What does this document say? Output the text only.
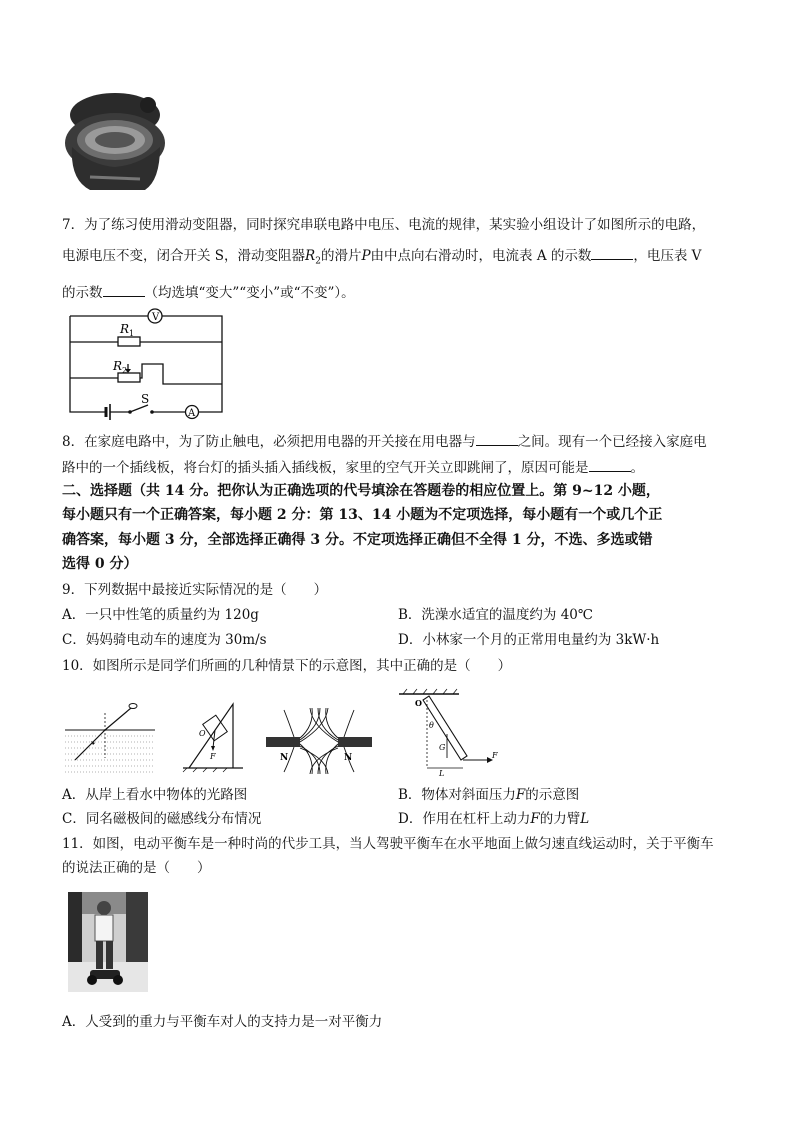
7．为了练习使用滑动变阻器，同时探究串联电路中电压、电流的规律，某实验小组设计了如图所示的电路，
电源电压不变，闭合开关 S，滑动变阻器$R_2$的滑片P由中点向右滑动时，电流表 A 的示数	，电压表 V
的示数	（均选填“变大”“变小”或“不变”）。
V
A
R 1
R 2
S
8．在家庭电路中，为了防止触电，必须把用电器的开关接在用电器与	之间。现有一个已经接入家庭电
路中的一个插线板，将台灯的插头插入插线板，家里的空气开关立即跳闸了，原因可能是	。
二、选择题（共 14 分。把你认为正确选项的代号填涂在答题卷的相应位置上。第 9~12 小题，
每小题只有一个正确答案，每小题 2 分：第 13、14 小题为不定项选择，每小题有一个或几个正
确答案，每小题 3 分，全部选择正确得 3 分。不定项选择正确但不全得 1 分，不选、多选或错
选得 0 分）
9．下列数据中最接近实际情况的是（　　）
A．一只中性笔的质量约为 120g	B．洗澡水适宜的温度约为 40℃
C．妈妈骑电动车的速度为 30m/s	D．小林家一个月的正常用电量约为 3kW·h
10．如图所示是同学们所画的几种情景下的示意图，其中正确的是（　　）
O
F	N	N
O
θ
G
F
L
A．从岸上看水中物体的光路图	B．物体对斜面压力F的示意图
C．同名磁极间的磁感线分布情况	D．作用在杠杆上动力F的力臂L
11．如图，电动平衡车是一种时尚的代步工具，当人驾驶平衡车在水平地面上做匀速直线运动时，关于平衡车
的说法正确的是（　　）
A．人受到的重力与平衡车对人的支持力是一对平衡力
